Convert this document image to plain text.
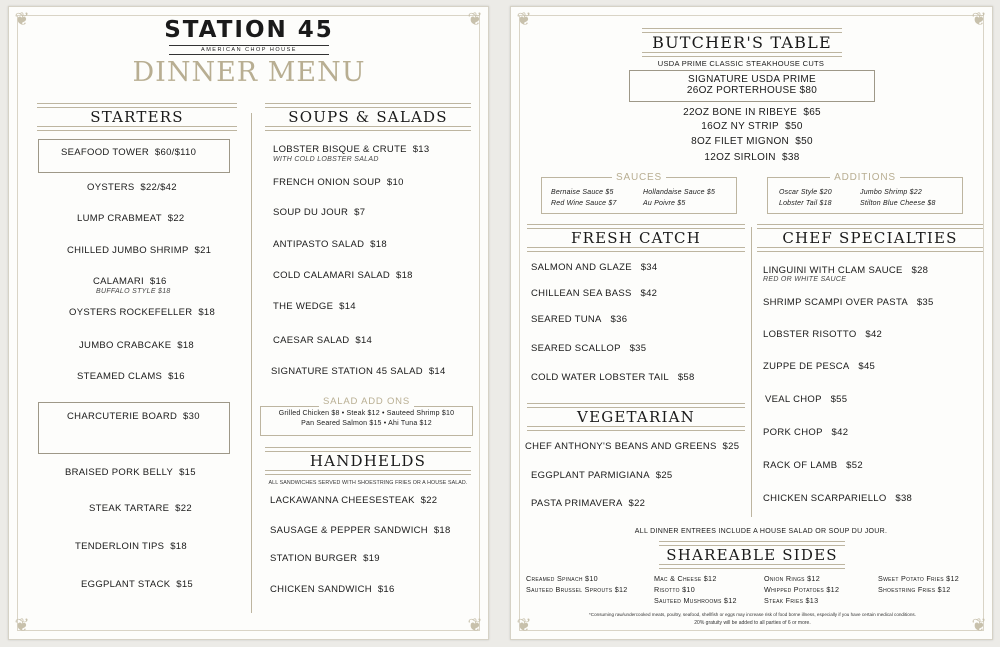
❦	❦
❦	❦
STATION 45
AMERICAN CHOP HOUSE
DINNER MENU
STARTERS
SEAFOOD TOWER $60/$110
OYSTERS $22/$42
LUMP CRABMEAT $22
CHILLED JUMBO SHRIMP $21
CALAMARI $16
BUFFALO STYLE $18
OYSTERS ROCKEFELLER $18
JUMBO CRABCAKE $18
STEAMED CLAMS $16
CHARCUTERIE BOARD $30
BRAISED PORK BELLY $15
STEAK TARTARE $22
TENDERLOIN TIPS $18
EGGPLANT STACK $15
SOUPS & SALADS
LOBSTER BISQUE & CRUTE $13
WITH COLD LOBSTER SALAD
FRENCH ONION SOUP $10
SOUP DU JOUR $7
ANTIPASTO SALAD $18
COLD CALAMARI SALAD $18
THE WEDGE $14
CAESAR SALAD $14
SIGNATURE STATION 45 SALAD $14
SALAD ADD ONS
Grilled Chicken $8 • Steak $12 • Sauteed Shrimp $10
Pan Seared Salmon $15 • Ahi Tuna $12
HANDHELDS
ALL SANDWICHES SERVED WITH SHOESTRING FRIES OR A HOUSE SALAD.
LACKAWANNA CHEESESTEAK $22
SAUSAGE & PEPPER SANDWICH $18
STATION BURGER $19
CHICKEN SANDWICH $16
❦	❦
❦	❦
BUTCHER'S TABLE
USDA PRIME CLASSIC STEAKHOUSE CUTS
SIGNATURE USDA PRIME
26OZ PORTERHOUSE $80
22OZ BONE IN RIBEYE $65
16OZ NY STRIP $50
8OZ FILET MIGNON $50
12OZ SIRLOIN $38
SAUCES
Bernaise Sauce $5	Hollandaise Sauce $5
Red Wine Sauce $7	Au Poivre $5
ADDITIONS
Oscar Style $20	Jumbo Shrimp $22
Lobster Tail $18	Stilton Blue Cheese $8
FRESH CATCH
SALMON AND GLAZE $34
CHILLEAN SEA BASS $42
SEARED TUNA $36
SEARED SCALLOP $35
COLD WATER LOBSTER TAIL $58
VEGETARIAN
CHEF ANTHONY'S BEANS AND GREENS $25
EGGPLANT PARMIGIANA $25
PASTA PRIMAVERA $22
CHEF SPECIALTIES
LINGUINI WITH CLAM SAUCE $28
RED OR WHITE SAUCE
SHRIMP SCAMPI OVER PASTA $35
LOBSTER RISOTTO $42
ZUPPE DE PESCA $45
VEAL CHOP $55
PORK CHOP $42
RACK OF LAMB $52
CHICKEN SCARPARIELLO $38
ALL DINNER ENTREES INCLUDE A HOUSE SALAD OR SOUP DU JOUR.
SHAREABLE SIDES
Creamed Spinach $10
Sauteed Brussel Sprouts $12
Mac & Cheese $12
Risotto $10
Sauteed Mushrooms $12
Onion Rings $12
Whipped Potatoes $12
Steak Fries $13
Sweet Potato Fries $12
Shoestring Fries $12
*Consuming raw/undercooked meats, poultry, seafood, shellfish or eggs may increase risk of food borne illness, especially if you have certain medical conditions.
20% gratuity will be added to all parties of 6 or more.
